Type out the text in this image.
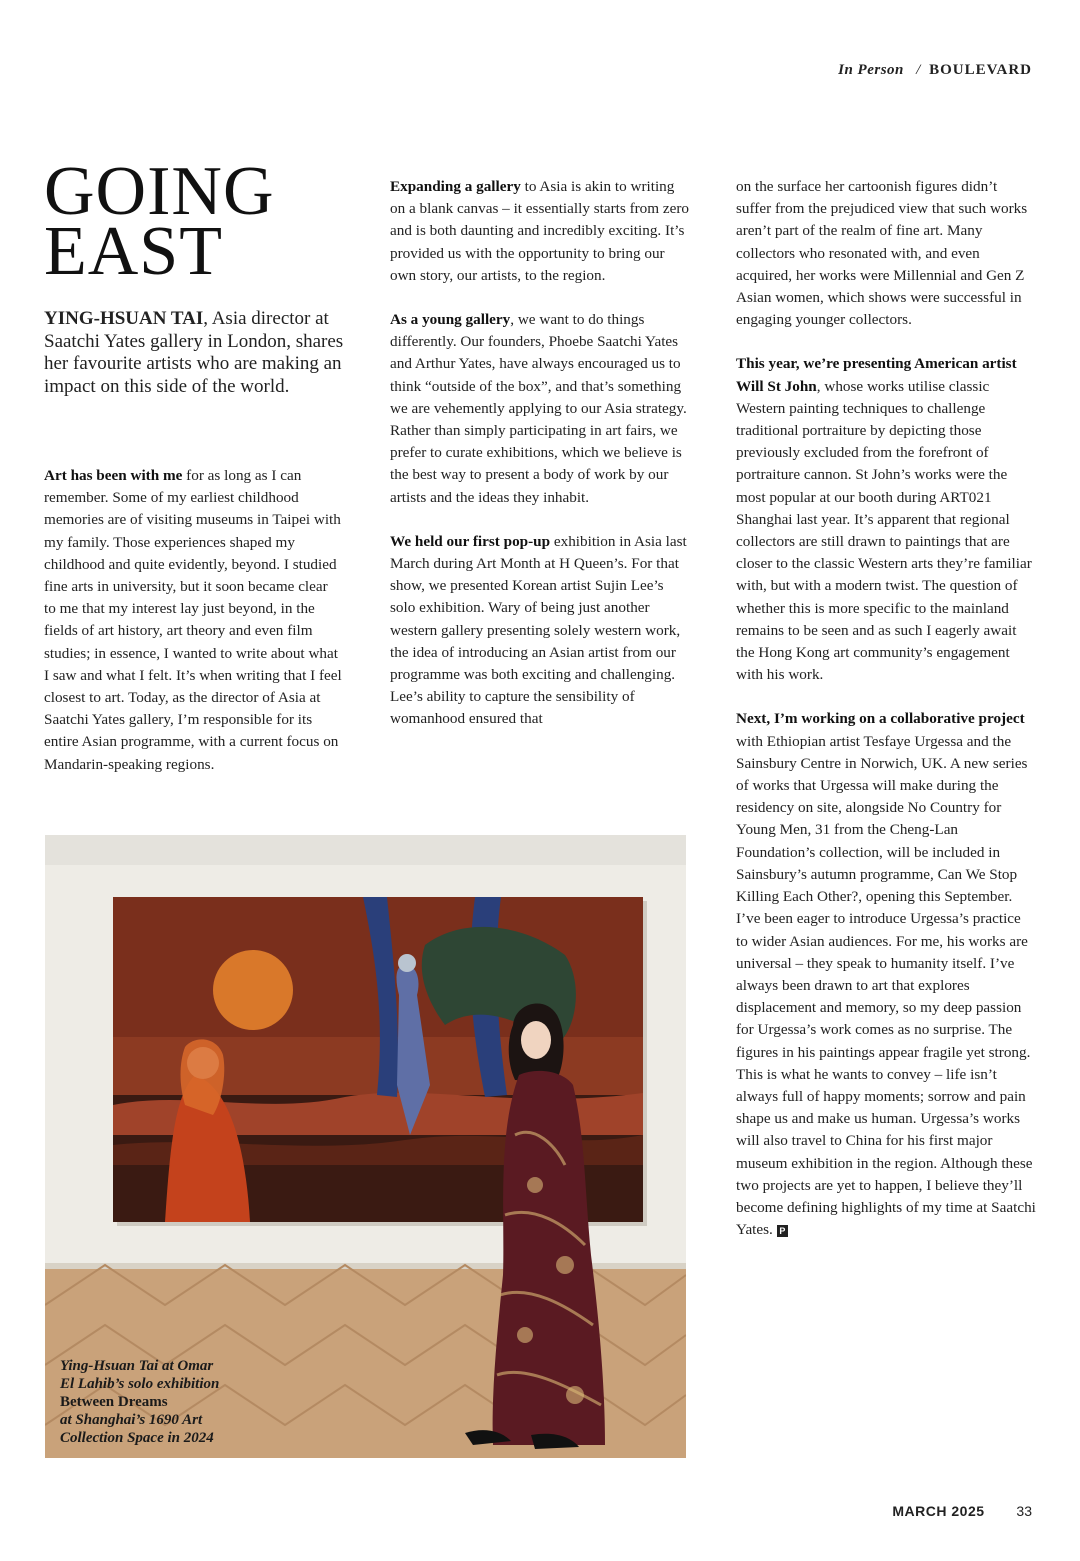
In Person / BOULEVARD
GOING
EAST

YING-HSUAN TAI, Asia director at Saatchi Yates gallery in London, shares her favourite artists who are making an impact on this side of the world.

Art has been with me for as long as I can remember. Some of my earliest childhood memories are of visiting museums in Taipei with my family. Those experiences shaped my childhood and quite evidently, beyond. I studied fine arts in university, but it soon became clear to me that my interest lay just beyond, in the fields of art history, art theory and even film studies; in essence, I wanted to write about what I saw and what I felt. It’s when writing that I feel closest to art. Today, as the director of Asia at Saatchi Yates gallery, I’m responsible for its entire Asian programme, with a current focus on Mandarin-speaking regions.

Expanding a gallery to Asia is akin to writing on a blank canvas – it essentially starts from zero and is both daunting and incredibly exciting. It’s provided us with the opportunity to bring our own story, our artists, to the region.

As a young gallery, we want to do things differently. Our founders, Phoebe Saatchi Yates and Arthur Yates, have always encouraged us to think “outside of the box”, and that’s something we are vehemently applying to our Asia strategy. Rather than simply participating in art fairs, we prefer to curate exhibitions, which we believe is the best way to present a body of work by our artists and the ideas they inhabit.

We held our first pop-up exhibition in Asia last March during Art Month at H Queen’s. For that show, we presented Korean artist Sujin Lee’s solo exhibition. Wary of being just another western gallery presenting solely western work, the idea of introducing an Asian artist from our programme was both exciting and challenging. Lee’s ability to capture the sensibility of womanhood ensured that

on the surface her cartoonish figures didn’t suffer from the prejudiced view that such works aren’t part of the realm of fine art. Many collectors who resonated with, and even acquired, her works were Millennial and Gen Z Asian women, which shows were successful in engaging younger collectors.

This year, we’re presenting American artist Will St John, whose works utilise classic Western painting techniques to challenge traditional portraiture by depicting those previously excluded from the forefront of portraiture cannon. St John’s works were the most popular at our booth during ART021 Shanghai last year. It’s apparent that regional collectors are still drawn to paintings that are closer to the classic Western arts they’re familiar with, but with a modern twist. The question of whether this is more specific to the mainland remains to be seen and as such I eagerly await the Hong Kong art community’s engagement with his work.

Next, I’m working on a collaborative project with Ethiopian artist Tesfaye Urgessa and the Sainsbury Centre in Norwich, UK. A new series of works that Urgessa will make during the residency on site, alongside No Country for Young Men, 31 from the Cheng-Lan Foundation’s collection, will be included in Sainsbury’s autumn programme, Can We Stop Killing Each Other?, opening this September. I’ve been eager to introduce Urgessa’s practice to wider Asian audiences. For me, his works are universal – they speak to humanity itself. I’ve always been drawn to art that explores displacement and memory, so my deep passion for Urgessa’s work comes as no surprise. The figures in his paintings appear fragile yet strong. This is what he wants to convey – life isn’t always full of happy moments; sorrow and pain shape us and make us human. Urgessa’s works will also travel to China for his first major museum exhibition in the region. Although these two projects are yet to happen, I believe they’ll become defining highlights of my time at Saatchi Yates. P

Ying-Hsuan Tai at Omar
El Lahib’s solo exhibition
Between Dreams
at Shanghai’s 1690 Art
Collection Space in 2024
MARCH 2025 33
